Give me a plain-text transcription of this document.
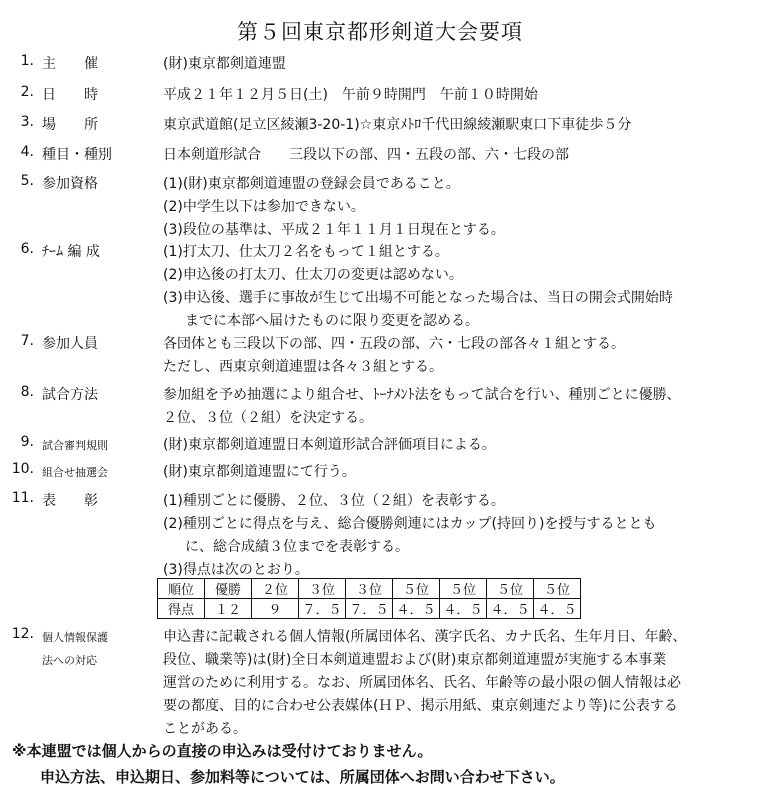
第５回東京都形剣道大会要項
1. 主　　催	(財)東京都剣道連盟
2. 日　　時	平成２１年１２月５日(土)　午前９時開門　午前１０時開始
3. 場　　所	東京武道館(足立区綾瀬3-20-1)☆東京ﾒﾄﾛ千代田線綾瀬駅東口下車徒歩５分
4. 種目・種別	日本剣道形試合　　三段以下の部、四・五段の部、六・七段の部
5. 参加資格	(1)(財)東京都剣道連盟の登録会員であること。
(2)中学生以下は参加できない。
(3)段位の基準は、平成２１年１１月１日現在とする。
6. ﾁｰﾑ 編 成	(1)打太刀、仕太刀２名をもって１組とする。
(2)申込後の打太刀、仕太刀の変更は認めない。
(3)申込後、選手に事故が生じて出場不可能となった場合は、当日の開会式開始時
までに本部へ届けたものに限り変更を認める。
7. 参加人員	各団体とも三段以下の部、四・五段の部、六・七段の部各々１組とする。
ただし、西東京剣道連盟は各々３組とする。
8. 試合方法	参加組を予め抽選により組合せ、ﾄｰﾅﾒﾝﾄ法をもって試合を行い、種別ごとに優勝、
２位、３位（２組）を決定する。
9. 試合審判規則	(財)東京都剣道連盟日本剣道形試合評価項目による。
10. 組合せ抽選会	(財)東京都剣道連盟にて行う。
11. 表　　彰	(1)種別ごとに優勝、２位、３位（２組）を表彰する。
(2)種別ごとに得点を与え、総合優勝剣連にはカップ(持回り)を授与するととも
に、総合成績３位までを表彰する。
(3)得点は次のとおり。
順位	優勝	２位	３位	３位	５位	５位	５位	５位
得点	１２	９	７．５	７．５	４．５	４．５	４．５	４．５
12. 個人情報保護
法への対応
申込書に記載される個人情報(所属団体名、漢字氏名、カナ氏名、生年月日、年齢、
段位、職業等)は(財)全日本剣道連盟および(財)東京都剣道連盟が実施する本事業
運営のために利用する。なお、所属団体名、氏名、年齢等の最小限の個人情報は必
要の都度、目的に合わせ公表媒体(ＨＰ、掲示用紙、東京剣連だより等)に公表する
ことがある。
※本連盟では個人からの直接の申込みは受付けておりません。
申込方法、申込期日、参加料等については、所属団体へお問い合わせ下さい。
